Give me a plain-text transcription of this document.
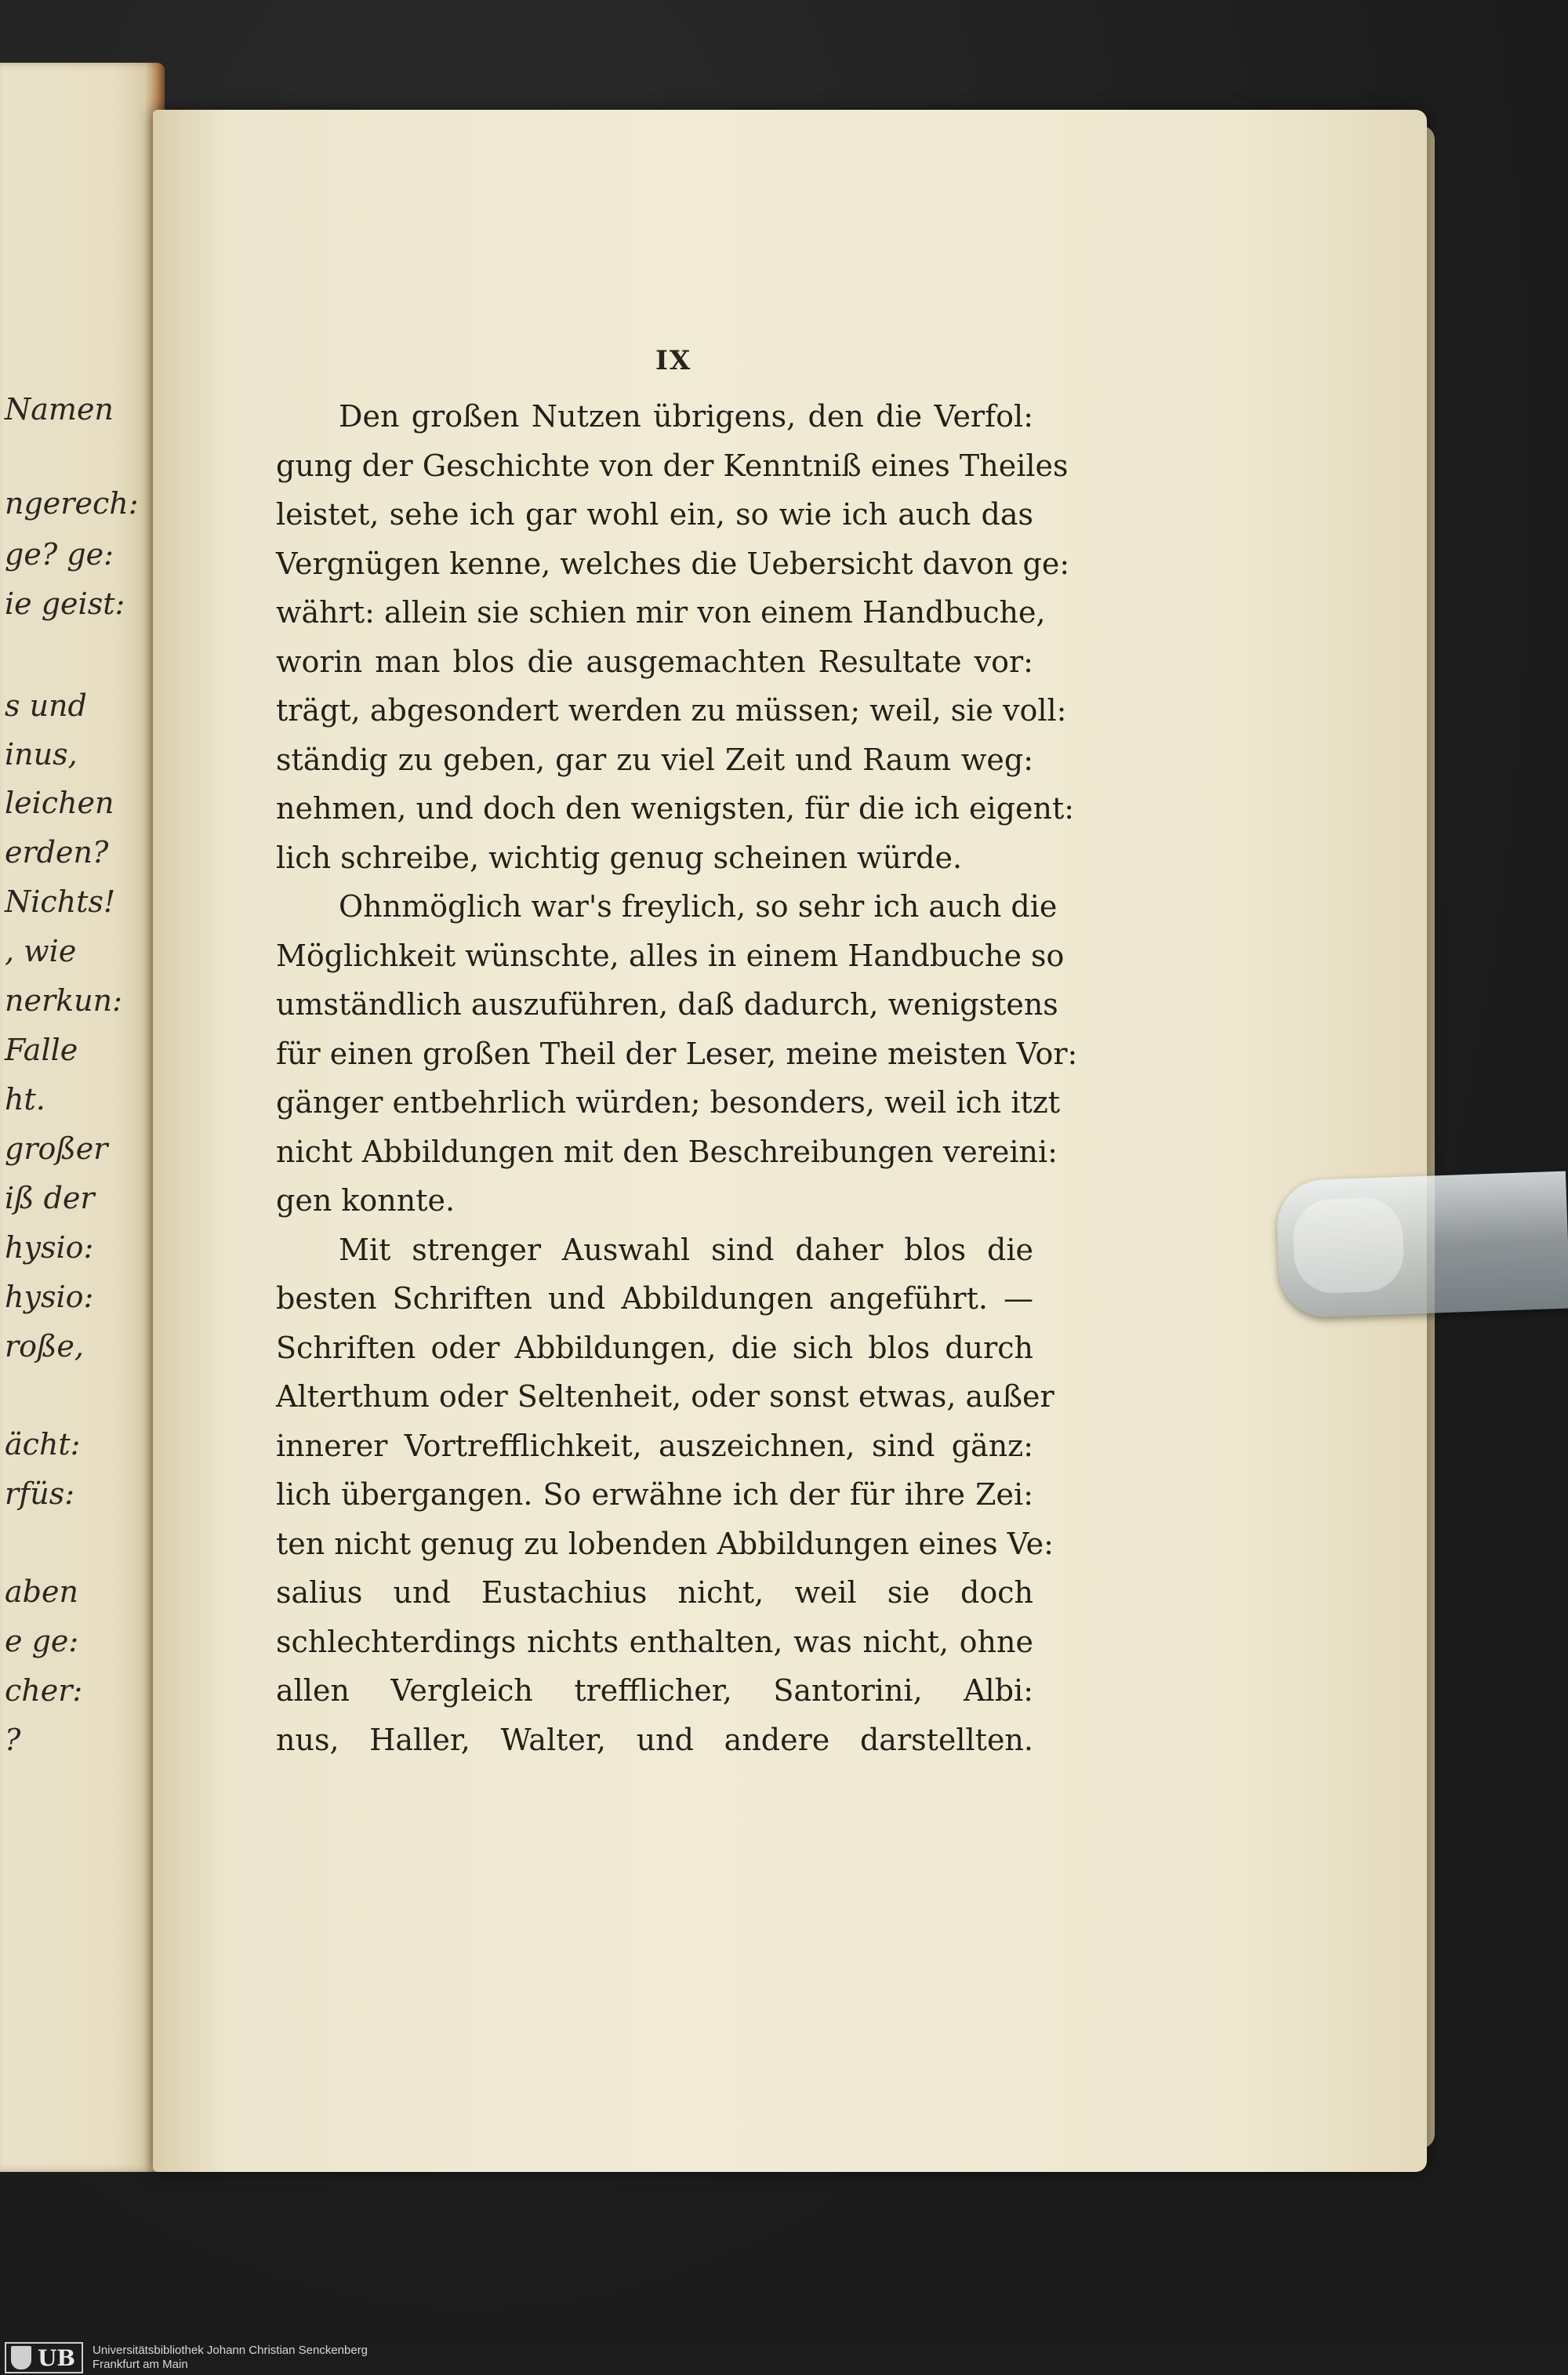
Namen
ngerech:
ge? ge:
ie geist:
s und
inus,
leichen
erden?
Nichts!
, wie
nerkun:
Falle
ht.
großer
iß der
hysio:
hysio:
roße,
ächt:
rfüs:
aben
e ge:
cher:
?
IX
Den großen Nutzen übrigens, den die Verfol:
gung der Geschichte von der Kenntniß eines Theiles
leistet, sehe ich gar wohl ein, so wie ich auch das
Vergnügen kenne, welches die Uebersicht davon ge:
währt: allein sie schien mir von einem Handbuche,
worin man blos die ausgemachten Resultate vor:
trägt, abgesondert werden zu müssen; weil, sie voll:
ständig zu geben, gar zu viel Zeit und Raum weg:
nehmen, und doch den wenigsten, für die ich eigent:
lich schreibe, wichtig genug scheinen würde.
Ohnmöglich war's freylich, so sehr ich auch die
Möglichkeit wünschte, alles in einem Handbuche so
umständlich auszuführen, daß dadurch, wenigstens
für einen großen Theil der Leser, meine meisten Vor:
gänger entbehrlich würden; besonders, weil ich itzt
nicht Abbildungen mit den Beschreibungen vereini:
gen konnte.
Mit strenger Auswahl sind daher blos die
besten Schriften und Abbildungen angeführt. —
Schriften oder Abbildungen, die sich blos durch
Alterthum oder Seltenheit, oder sonst etwas, außer
innerer Vortrefflichkeit, auszeichnen, sind gänz:
lich übergangen. So erwähne ich der für ihre Zei:
ten nicht genug zu lobenden Abbildungen eines Ve:
salius und Eustachius nicht, weil sie doch
schlechterdings nichts enthalten, was nicht, ohne
allen Vergleich trefflicher, Santorini, Albi:
nus, Haller, Walter, und andere darstellten.
UB Universitätsbibliothek Johann Christian Senckenberg
Frankfurt am Main
